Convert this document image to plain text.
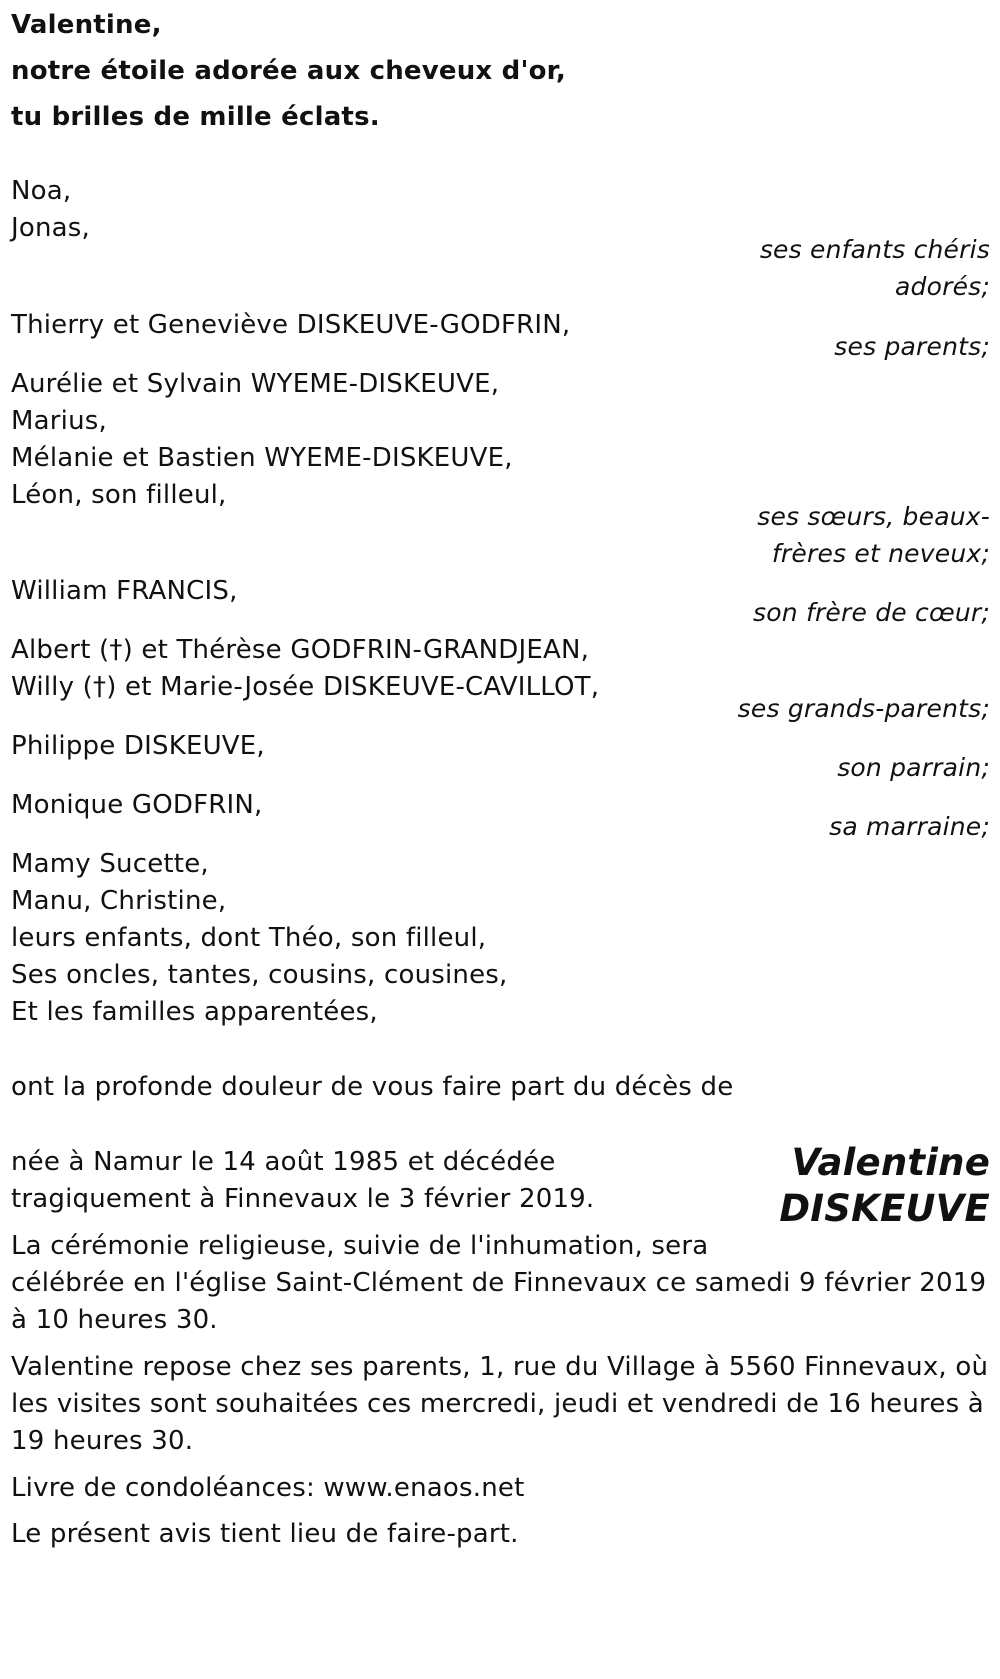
Valentine,
notre étoile adorée aux cheveux d'or,
tu brilles de mille éclats.
Noa,
Jonas,
ses enfants chéris
adorés;
Thierry et Geneviève DISKEUVE-GODFRIN,
ses parents;
Aurélie et Sylvain WYEME-DISKEUVE,
Marius,
Mélanie et Bastien WYEME-DISKEUVE,
Léon, son filleul,
ses sœurs, beaux-
frères et neveux;
William FRANCIS,
son frère de cœur;
Albert (†) et Thérèse GODFRIN-GRANDJEAN,
Willy (†) et Marie-Josée DISKEUVE-CAVILLOT,
ses grands-parents;
Philippe DISKEUVE,
son parrain;
Monique GODFRIN,
sa marraine;
Mamy Sucette,
Manu, Christine,
leurs enfants, dont Théo, son filleul,
Ses oncles, tantes, cousins, cousines,
Et les familles apparentées,
ont la profonde douleur de vous faire part du décès de
Valentine
DISKEUVE
née à Namur le 14 août 1985 et décédée
tragiquement à Finnevaux le 3 février 2019.
La cérémonie religieuse, suivie de l'inhumation, sera
célébrée en l'église Saint-Clément de Finnevaux ce samedi 9 février 2019
à 10 heures 30.
Valentine repose chez ses parents, 1, rue du Village à 5560 Finnevaux, où
les visites sont souhaitées ces mercredi, jeudi et vendredi de 16 heures à
19 heures 30.
Livre de condoléances: www.enaos.net
Le présent avis tient lieu de faire-part.
